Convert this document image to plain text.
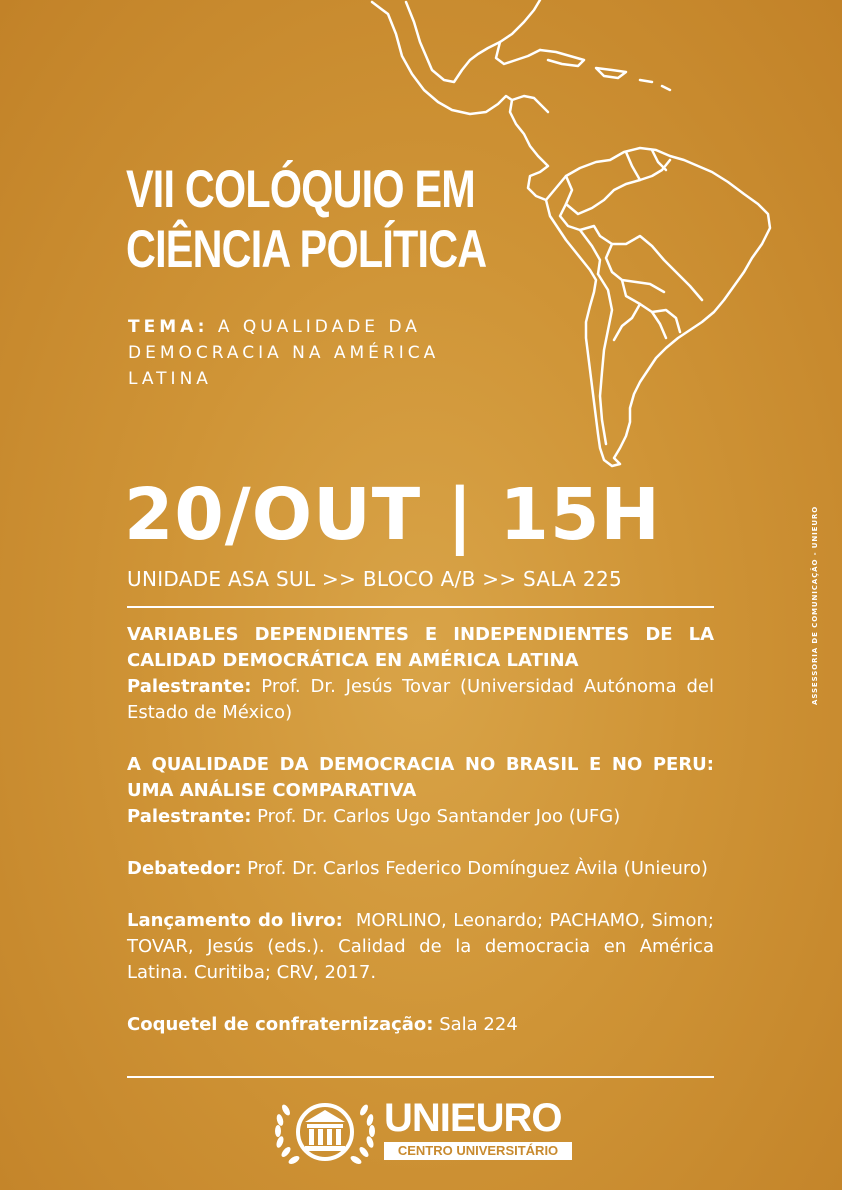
VII COLÓQUIO EM
CIÊNCIA POLÍTICA
TEMA: A QUALIDADE DA DEMOCRACIA NA AMÉRICA LATINA
20/OUT | 15H
UNIDADE ASA SUL >> BLOCO A/B >> SALA 225
VARIABLES DEPENDIENTES E INDEPENDIENTES DE LA CALIDAD DEMOCRÁTICA EN AMÉRICA LATINA
Palestrante: Prof. Dr. Jesús Tovar (Universidad Autónoma del Estado de México)
A QUALIDADE DA DEMOCRACIA NO BRASIL E NO PERU: UMA ANÁLISE COMPARATIVA
Palestrante: Prof. Dr. Carlos Ugo Santander Joo (UFG)
Debatedor: Prof. Dr. Carlos Federico Domínguez Àvila (Unieuro)
Lançamento do livro: MORLINO, Leonardo; PACHAMO, Simon; TOVAR, Jesús (eds.). Calidad de la democracia en América Latina. Curitiba; CRV, 2017.
Coquetel de confraternização: Sala 224
ASSESSORIA DE COMUNICAÇÃO - UNIEURO
UNIEURO
CENTRO UNIVERSITÁRIO
